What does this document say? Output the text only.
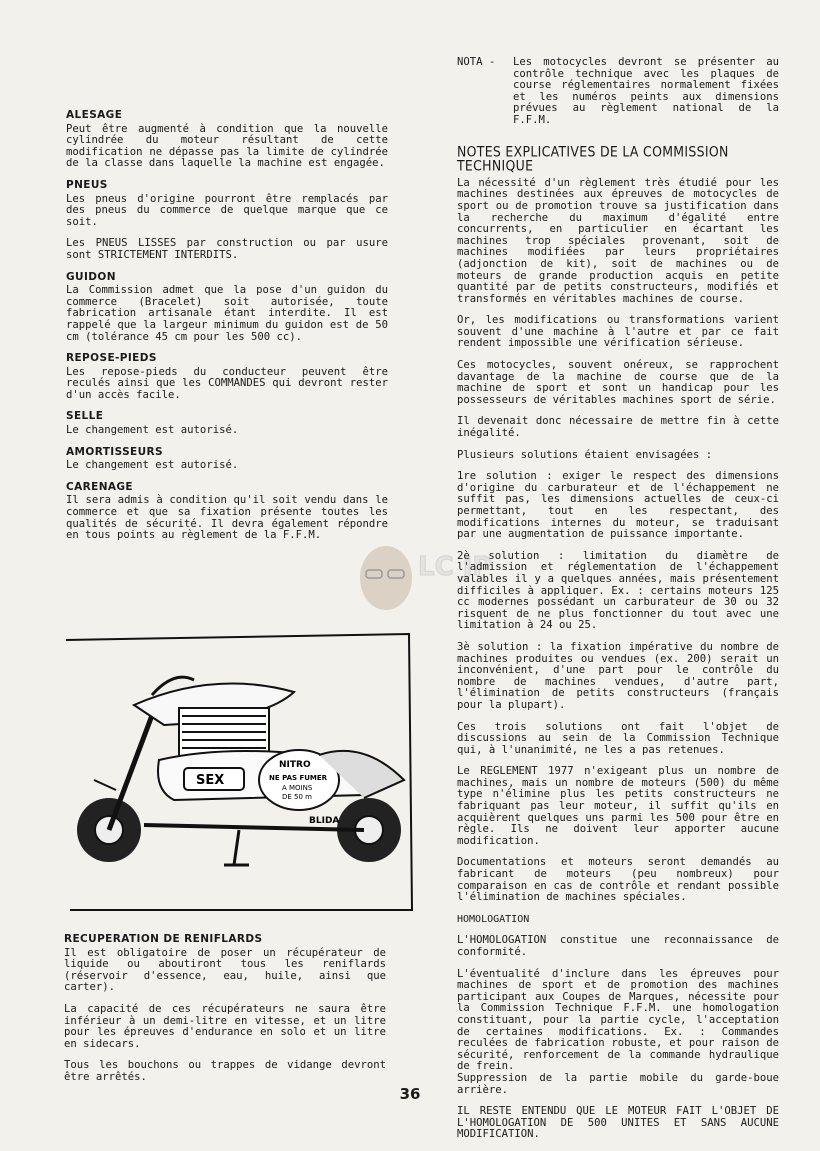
ALESAGE

Peut être augmenté à condition que la nouvelle cylindrée du moteur résultant de cette modification ne dépasse pas la limite de cylindrée de la classe dans laquelle la machine est engagée.

PNEUS

Les pneus d'origine pourront être remplacés par des pneus du commerce de quelque marque que ce soit.

Les PNEUS LISSES par construction ou par usure sont STRICTEMENT INTERDITS.

GUIDON

La Commission admet que la pose d'un guidon du commerce (Bracelet) soit autorisée, toute fabrication artisanale étant interdite. Il est rappelé que la largeur minimum du guidon est de 50 cm (tolérance 45 cm pour les 500 cc).

REPOSE-PIEDS

Les repose-pieds du conducteur peuvent être reculés ainsi que les COMMANDES qui devront rester d'un accès facile.

SELLE

Le changement est autorisé.

AMORTISSEURS

Le changement est autorisé.

CARENAGE

Il sera admis à condition qu'il soit vendu dans le commerce et que sa fixation présente toutes les qualités de sécurité. Il devra également répondre en tous points au règlement de la F.F.M.

LC JP
SEX
NITRO
NE PAS FUMER
A MOINS
DE 50 m
BLIDA
RECUPERATION DE RENIFLARDS

Il est obligatoire de poser un récupérateur de liquide ou aboutiront tous les reniflards (réservoir d'essence, eau, huile, ainsi que carter).

La capacité de ces récupérateurs ne saura être inférieur à un demi-litre en vitesse, et un litre pour les épreuves d'endurance en solo et un litre en sidecars.

Tous les bouchons ou trappes de vidange devront être arrêtés.

NOTA -	Les motocycles devront se présenter au contrôle technique avec les plaques de course réglementaires normalement fixées et les numéros peints aux dimensions prévues au règlement national de la F.F.M.
NOTES EXPLICATIVES DE LA COMMISSION TECHNIQUE

La nécessité d'un règlement très étudié pour les machines destinées aux épreuves de motocycles de sport ou de promotion trouve sa justification dans la recherche du maximum d'égalité entre concurrents, en particulier en écartant les machines trop spéciales provenant, soit de machines modifiées par leurs propriétaires (adjonction de kit), soit de machines ou de moteurs de grande production acquis en petite quantité par de petits constructeurs, modifiés et transformés en véritables machines de course.

Or, les modifications ou transformations varient souvent d'une machine à l'autre et par ce fait rendent impossible une vérification sérieuse.

Ces motocycles, souvent onéreux, se rapprochent davantage de la machine de course que de la machine de sport et sont un handicap pour les possesseurs de véritables machines sport de série.

Il devenait donc nécessaire de mettre fin à cette inégalité.

Plusieurs solutions étaient envisagées :

1re solution : exiger le respect des dimensions d'origine du carburateur et de l'échappement ne suffit pas, les dimensions actuelles de ceux-ci permettant, tout en les respectant, des modifications internes du moteur, se traduisant par une augmentation de puissance importante.

2è solution : limitation du diamètre de l'admission et réglementation de l'échappement valables il y a quelques années, mais présentement difficiles à appliquer. Ex. : certains moteurs 125 cc modernes possédant un carburateur de 30 ou 32 risquent de ne plus fonctionner du tout avec une limitation à 24 ou 25.

3è solution : la fixation impérative du nombre de machines produites ou vendues (ex. 200) serait un inconvénient, d'une part pour le contrôle du nombre de machines vendues, d'autre part, l'élimination de petits constructeurs (français pour la plupart).

Ces trois solutions ont fait l'objet de discussions au sein de la Commission Technique qui, à l'unanimité, ne les a pas retenues.

Le REGLEMENT 1977 n'exigeant plus un nombre de machines, mais un nombre de moteurs (500) du même type n'élimine plus les petits constructeurs ne fabriquant pas leur moteur, il suffit qu'ils en acquièrent quelques uns parmi les 500 pour être en règle. Ils ne doivent leur apporter aucune modification.

Documentations et moteurs seront demandés au fabricant de moteurs (peu nombreux) pour comparaison en cas de contrôle et rendant possible l'élimination de machines spéciales.

HOMOLOGATION

L'HOMOLOGATION constitue une reconnaissance de conformité.

L'éventualité d'inclure dans les épreuves pour machines de sport et de promotion des machines participant aux Coupes de Marques, nécessite pour la Commission Technique F.F.M. une homologation constituant, pour la partie cycle, l'acceptation de certaines modifications. Ex. : Commandes reculées de fabrication robuste, et pour raison de sécurité, renforcement de la commande hydraulique de frein.

Suppression de la partie mobile du garde-boue arrière.

IL RESTE ENTENDU QUE LE MOTEUR FAIT L'OBJET DE L'HOMOLOGATION DE 500 UNITES ET SANS AUCUNE MODIFICATION.

36
